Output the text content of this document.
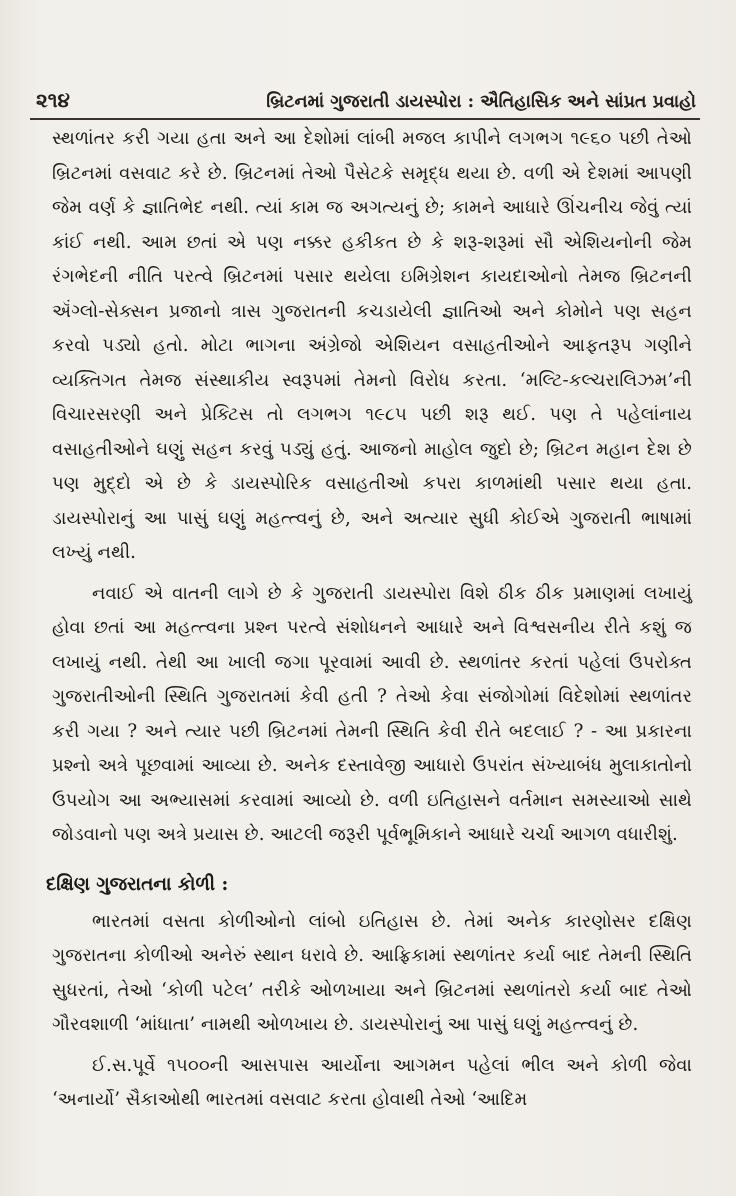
૨૧૪	બ્રિટનમાં ગુજરાતી ડાયસ્પોરા : ઐતિહાસિક અને સાંપ્રત પ્રવાહો

સ્થળાંતર કરી ગયા હતા અને આ દેશોમાં લાંબી મજલ કાપીને લગભગ ૧૯૬૦ પછી તેઓ બ્રિટનમાં વસવાટ કરે છે. બ્રિટનમાં તેઓ પૈસેટકે સમૃદ્ધ થયા છે. વળી એ દેશમાં આપણી જેમ વર્ણ કે જ્ઞાતિભેદ નથી. ત્યાં કામ જ અગત્યનું છે; કામને આધારે ઊંચનીચ જેવું ત્યાં કાંઈ નથી. આમ છતાં એ પણ નક્કર હકીકત છે કે શરૂ-શરૂમાં સૌ એશિયનોની જેમ રંગભેદની નીતિ પરત્વે બ્રિટનમાં પસાર થયેલા ઇમિગ્રેશન કાયદાઓનો તેમજ બ્રિટનની ઍંગ્લો-સેક્સન પ્રજાનો ત્રાસ ગુજરાતની કચડાયેલી જ્ઞાતિઓ અને કોમોને પણ સહન કરવો પડ્યો હતો. મોટા ભાગના અંગ્રેજો એશિયન વસાહતીઓને આફતરૂપ ગણીને વ્યક્તિગત તેમજ સંસ્થાકીય સ્વરૂપમાં તેમનો વિરોધ કરતા. ‘મલ્ટિ-કલ્ચરાલિઝમ’ની વિચારસરણી અને પ્રેક્ટિસ તો લગભગ ૧૯૮૫ પછી શરૂ થઈ. પણ તે પહેલાંનાય વસાહતીઓને ઘણું સહન કરવું પડ્યું હતું. આજનો માહોલ જુદો છે; બ્રિટન મહાન દેશ છે પણ મુદ્દો એ છે કે ડાયસ્પોરિક વસાહતીઓ કપરા કાળમાંથી પસાર થયા હતા. ડાયસ્પોરાનું આ પાસું ઘણું મહત્ત્વનું છે, અને અત્યાર સુધી કોઈએ ગુજરાતી ભાષામાં લખ્યું નથી.

નવાઈ એ વાતની લાગે છે કે ગુજરાતી ડાયસ્પોરા વિશે ઠીક ઠીક પ્રમાણમાં લખાયું હોવા છતાં આ મહત્ત્વના પ્રશ્ન પરત્વે સંશોધનને આધારે અને વિશ્વસનીય રીતે કશું જ લખાયું નથી. તેથી આ ખાલી જગા પૂરવામાં આવી છે. સ્થળાંતર કરતાં પહેલાં ઉપરોક્ત ગુજરાતીઓની સ્થિતિ ગુજરાતમાં કેવી હતી ? તેઓ કેવા સંજોગોમાં વિદેશોમાં સ્થળાંતર કરી ગયા ? અને ત્યાર પછી બ્રિટનમાં તેમની સ્થિતિ કેવી રીતે બદલાઈ ? - આ પ્રકારના પ્રશ્નો અત્રે પૂછવામાં આવ્યા છે. અનેક દસ્તાવેજી આધારો ઉપરાંત સંખ્યાબંધ મુલાકાતોનો ઉપયોગ આ અભ્યાસમાં કરવામાં આવ્યો છે. વળી ઇતિહાસને વર્તમાન સમસ્યાઓ સાથે જોડવાનો પણ અત્રે પ્રયાસ છે. આટલી જરૂરી પૂર્વભૂમિકાને આધારે ચર્ચા આગળ વધારીશું.

દક્ષિણ ગુજરાતના કોળી :

ભારતમાં વસતા કોળીઓનો લાંબો ઇતિહાસ છે. તેમાં અનેક કારણોસર દક્ષિણ ગુજરાતના કોળીઓ અનેરું સ્થાન ધરાવે છે. આફ્રિકામાં સ્થળાંતર કર્યા બાદ તેમની સ્થિતિ સુધરતાં, તેઓ ‘કોળી પટેલ’ તરીકે ઓળખાયા અને બ્રિટનમાં સ્થળાંતરો કર્યા બાદ તેઓ ગૌરવશાળી ‘માંધાતા’ નામથી ઓળખાય છે. ડાયસ્પોરાનું આ પાસું ઘણું મહત્ત્વનું છે.

ઈ.સ.પૂર્વે ૧૫૦૦ની આસપાસ આર્યોના આગમન પહેલાં ભીલ અને કોળી જેવા ‘અનાર્યો’ સૈકાઓથી ભારતમાં વસવાટ કરતા હોવાથી તેઓ ‘આદિમ
